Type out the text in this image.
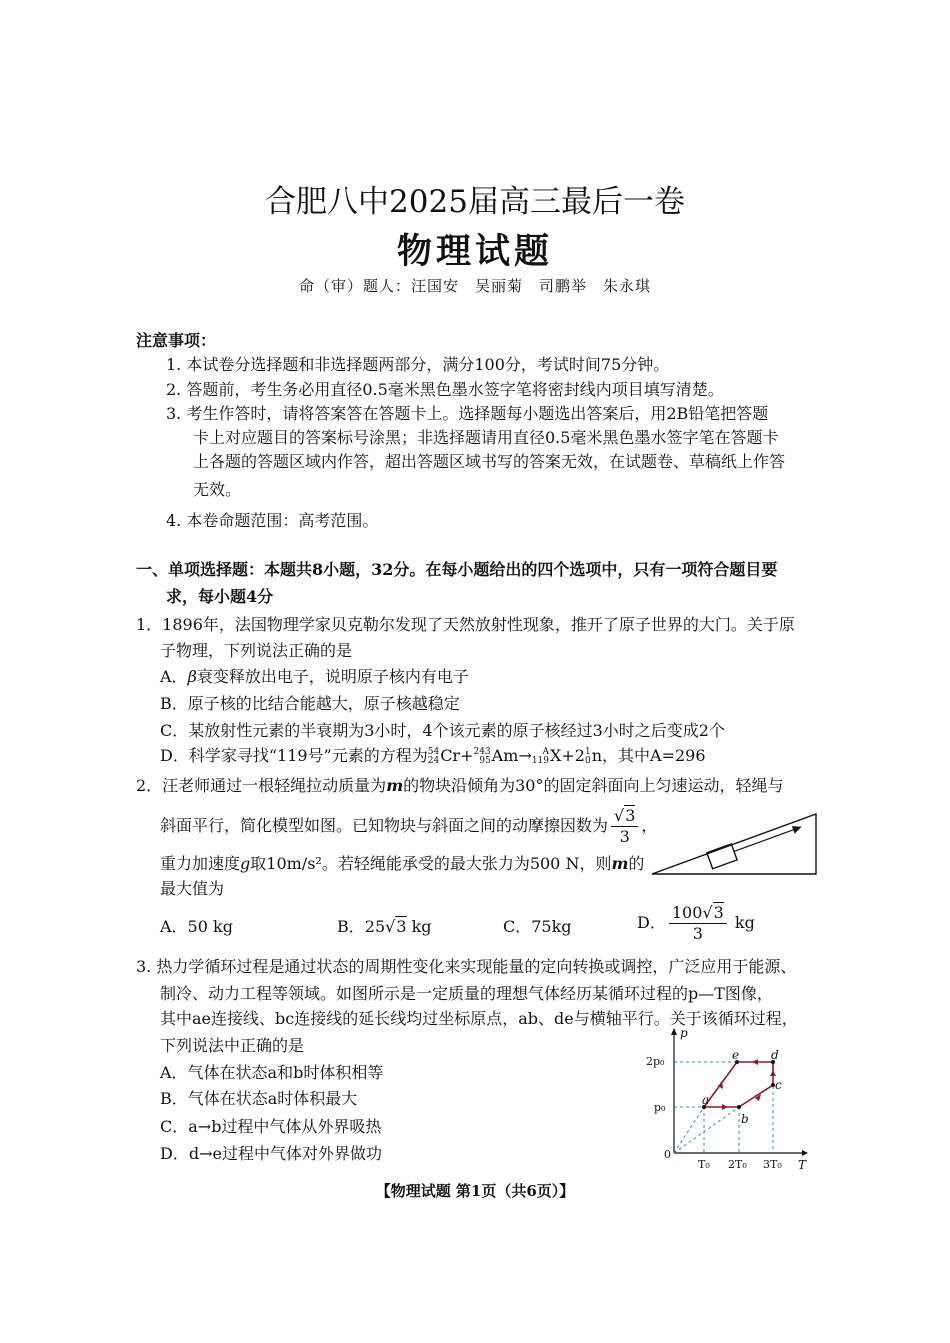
合肥八中2025届高三最后一卷
物理试题
命（审）题人：汪国安　吴丽菊　司鹏举　朱永琪
注意事项：
1. 本试卷分选择题和非选择题两部分，满分100分，考试时间75分钟。
2. 答题前，考生务必用直径0.5毫米黑色墨水签字笔将密封线内项目填写清楚。
3. 考生作答时，请将答案答在答题卡上。选择题每小题选出答案后，用2B铅笔把答题
卡上对应题目的答案标号涂黑；非选择题请用直径0.5毫米黑色墨水签字笔在答题卡
上各题的答题区域内作答，超出答题区域书写的答案无效，在试题卷、草稿纸上作答
无效。
4. 本卷命题范围：高考范围。
一、单项选择题：本题共8小题，32分。在每小题给出的四个选项中，只有一项符合题目要
求，每小题4分
1．1896年，法国物理学家贝克勒尔发现了天然放射性现象，推开了原子世界的大门。关于原
子物理，下列说法正确的是
A．β衰变释放出电子，说明原子核内有电子
B．原子核的比结合能越大，原子核越稳定
C．某放射性元素的半衰期为3小时，4个该元素的原子核经过3小时之后变成2个
D．科学家寻找“119号”元素的方程为 54
24 Cr+ 243
95 Am→	A
119 X+2 1
0 n，其中A=296
2．汪老师通过一根轻绳拉动质量为m的物块沿倾角为30°的固定斜面向上匀速运动，轻绳与
斜面平行，简化模型如图。已知物块与斜面之间的动摩擦因数为 $\frac{√3}{3}$ ，
重力加速度g取10m/s²。若轻绳能承受的最大张力为500 N，则m的
最大值为
A．50 kg	B．25√3 kg	C．75kg	D． $\frac{100√3}{3}$ kg
3. 热力学循环过程是通过状态的周期性变化来实现能量的定向转换或调控，广泛应用于能源、
制冷、动力工程等领域。如图所示是一定质量的理想气体经历某循环过程的p—T图像，
其中ae连接线、bc连接线的延长线均过坐标原点，ab、de与横轴平行。关于该循环过程，
下列说法中正确的是
A．气体在状态a和b时体积相等
B．气体在状态a时体积最大
C．a→b过程中气体从外界吸热
D．d→e过程中气体对外界做功
p
T
a
b
c
d
e
0
2p₀
p₀
T₀ 2T₀ 3T₀
【物理试题 第1页（共6页）】
